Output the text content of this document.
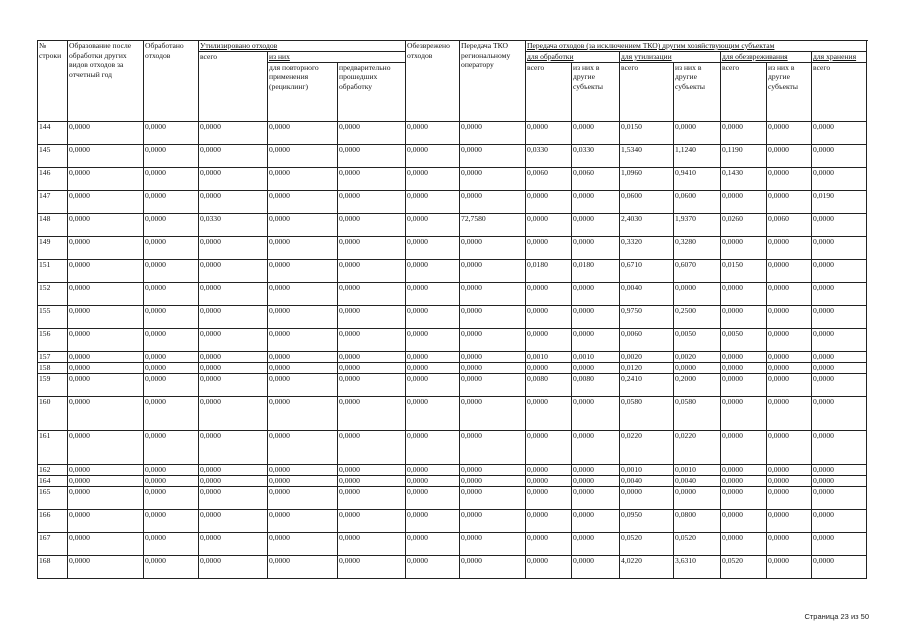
№ строки	Образование после обработки других видов отходов за отчетный год	Обработано отходов	Утилизировано отходов			Обезврежено отходов	Передача ТКО региональному оператору	Передача отходов (за исключением ТКО) другим хозяйствующим субъектам						
			всего	из них				для обработки		для утилизации		для обезвреживания		для хранения
				для повторного применения (рециклинг)	предварительно прошедших обработку			всего	из них в другие субъекты	всего	из них в другие субъекты	всего	из них в другие субъекты	всего
144	0,0000	0,0000	0,0000	0,0000	0,0000	0,0000	0,0000	0,0000	0,0000	0,0150	0,0000	0,0000	0,0000	0,0000
145	0,0000	0,0000	0,0000	0,0000	0,0000	0,0000	0,0000	0,0330	0,0330	1,5340	1,1240	0,1190	0,0000	0,0000
146	0,0000	0,0000	0,0000	0,0000	0,0000	0,0000	0,0000	0,0060	0,0060	1,0960	0,9410	0,1430	0,0000	0,0000
147	0,0000	0,0000	0,0000	0,0000	0,0000	0,0000	0,0000	0,0000	0,0000	0,0600	0,0600	0,0000	0,0000	0,0190
148	0,0000	0,0000	0,0330	0,0000	0,0000	0,0000	72,7580	0,0000	0,0000	2,4030	1,9370	0,0260	0,0060	0,0000
149	0,0000	0,0000	0,0000	0,0000	0,0000	0,0000	0,0000	0,0000	0,0000	0,3320	0,3280	0,0000	0,0000	0,0000
151	0,0000	0,0000	0,0000	0,0000	0,0000	0,0000	0,0000	0,0180	0,0180	0,6710	0,6070	0,0150	0,0000	0,0000
152	0,0000	0,0000	0,0000	0,0000	0,0000	0,0000	0,0000	0,0000	0,0000	0,0040	0,0000	0,0000	0,0000	0,0000
155	0,0000	0,0000	0,0000	0,0000	0,0000	0,0000	0,0000	0,0000	0,0000	0,9750	0,2500	0,0000	0,0000	0,0000
156	0,0000	0,0000	0,0000	0,0000	0,0000	0,0000	0,0000	0,0000	0,0000	0,0060	0,0050	0,0050	0,0000	0,0000
157	0,0000	0,0000	0,0000	0,0000	0,0000	0,0000	0,0000	0,0010	0,0010	0,0020	0,0020	0,0000	0,0000	0,0000
158	0,0000	0,0000	0,0000	0,0000	0,0000	0,0000	0,0000	0,0000	0,0000	0,0120	0,0000	0,0000	0,0000	0,0000
159	0,0000	0,0000	0,0000	0,0000	0,0000	0,0000	0,0000	0,0080	0,0080	0,2410	0,2000	0,0000	0,0000	0,0000
160	0,0000	0,0000	0,0000	0,0000	0,0000	0,0000	0,0000	0,0000	0,0000	0,0580	0,0580	0,0000	0,0000	0,0000
161	0,0000	0,0000	0,0000	0,0000	0,0000	0,0000	0,0000	0,0000	0,0000	0,0220	0,0220	0,0000	0,0000	0,0000
162	0,0000	0,0000	0,0000	0,0000	0,0000	0,0000	0,0000	0,0000	0,0000	0,0010	0,0010	0,0000	0,0000	0,0000
164	0,0000	0,0000	0,0000	0,0000	0,0000	0,0000	0,0000	0,0000	0,0000	0,0040	0,0040	0,0000	0,0000	0,0000
165	0,0000	0,0000	0,0000	0,0000	0,0000	0,0000	0,0000	0,0000	0,0000	0,0000	0,0000	0,0000	0,0000	0,0000
166	0,0000	0,0000	0,0000	0,0000	0,0000	0,0000	0,0000	0,0000	0,0000	0,0950	0,0800	0,0000	0,0000	0,0000
167	0,0000	0,0000	0,0000	0,0000	0,0000	0,0000	0,0000	0,0000	0,0000	0,0520	0,0520	0,0000	0,0000	0,0000
168	0,0000	0,0000	0,0000	0,0000	0,0000	0,0000	0,0000	0,0000	0,0000	4,0220	3,6310	0,0520	0,0000	0,0000
Страница 23 из 50
